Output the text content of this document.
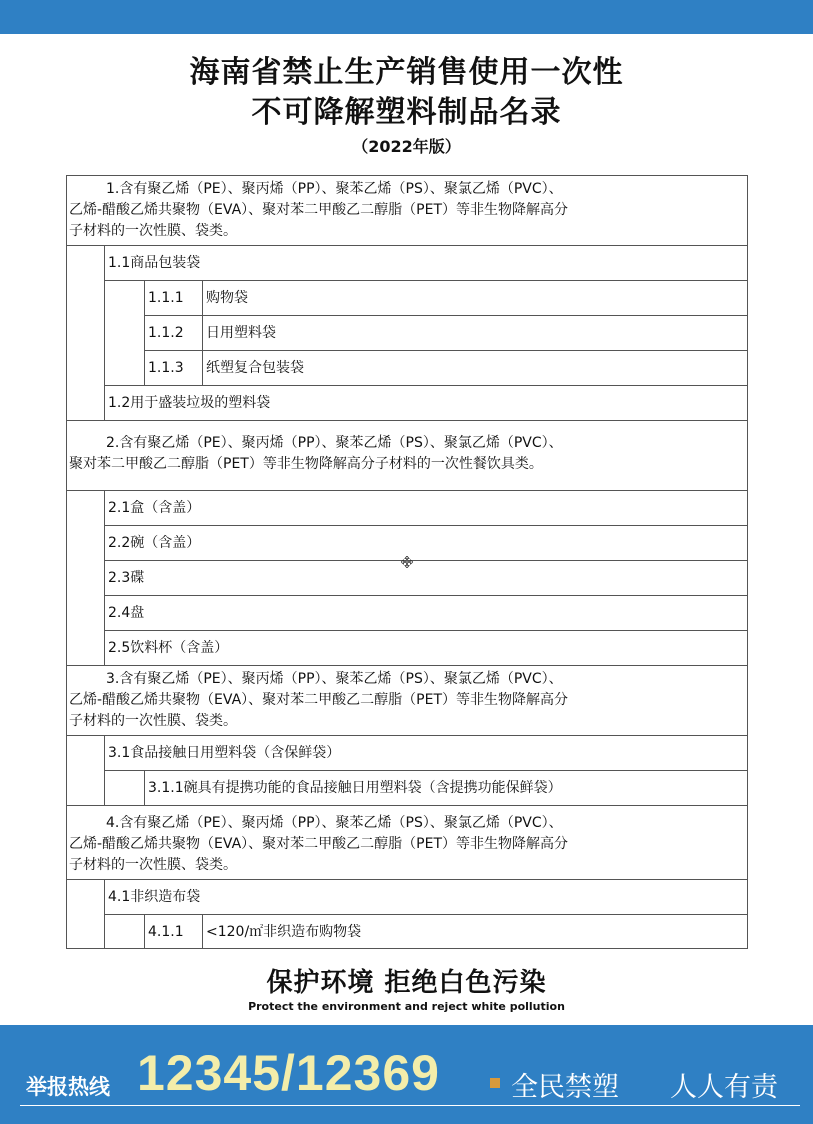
海南省禁止生产销售使用一次性
不可降解塑料制品名录
（2022年版）
1.含有聚乙烯（PE）、聚丙烯（PP）、聚苯乙烯（PS）、聚氯乙烯（PVC）、
乙烯-醋酸乙烯共聚物（EVA）、聚对苯二甲酸乙二醇脂（PET）等非生物降解高分
子材料的一次性膜、袋类。
1.1商品包装袋
1.1.1 购物袋
1.1.2 日用塑料袋
1.1.3 纸塑复合包装袋
1.2用于盛装垃圾的塑料袋
2.含有聚乙烯（PE）、聚丙烯（PP）、聚苯乙烯（PS）、聚氯乙烯（PVC）、
聚对苯二甲酸乙二醇脂（PET）等非生物降解高分子材料的一次性餐饮具类。
2.1盒（含盖）
2.2碗（含盖）
2.3碟
2.4盘
2.5饮料杯（含盖）
3.含有聚乙烯（PE）、聚丙烯（PP）、聚苯乙烯（PS）、聚氯乙烯（PVC）、
乙烯-醋酸乙烯共聚物（EVA）、聚对苯二甲酸乙二醇脂（PET）等非生物降解高分
子材料的一次性膜、袋类。
3.1食品接触日用塑料袋（含保鲜袋）
3.1.1碗具有提携功能的食品接触日用塑料袋（含提携功能保鲜袋）
4.含有聚乙烯（PE）、聚丙烯（PP）、聚苯乙烯（PS）、聚氯乙烯（PVC）、
乙烯-醋酸乙烯共聚物（EVA）、聚对苯二甲酸乙二醇脂（PET）等非生物降解高分
子材料的一次性膜、袋类。
4.1非织造布袋
4.1.1 <120/㎡非织造布购物袋
保护环境 拒绝白色污染
Protect the environment and reject white pollution
举报热线 12345/12369	全民禁塑 人人有责
